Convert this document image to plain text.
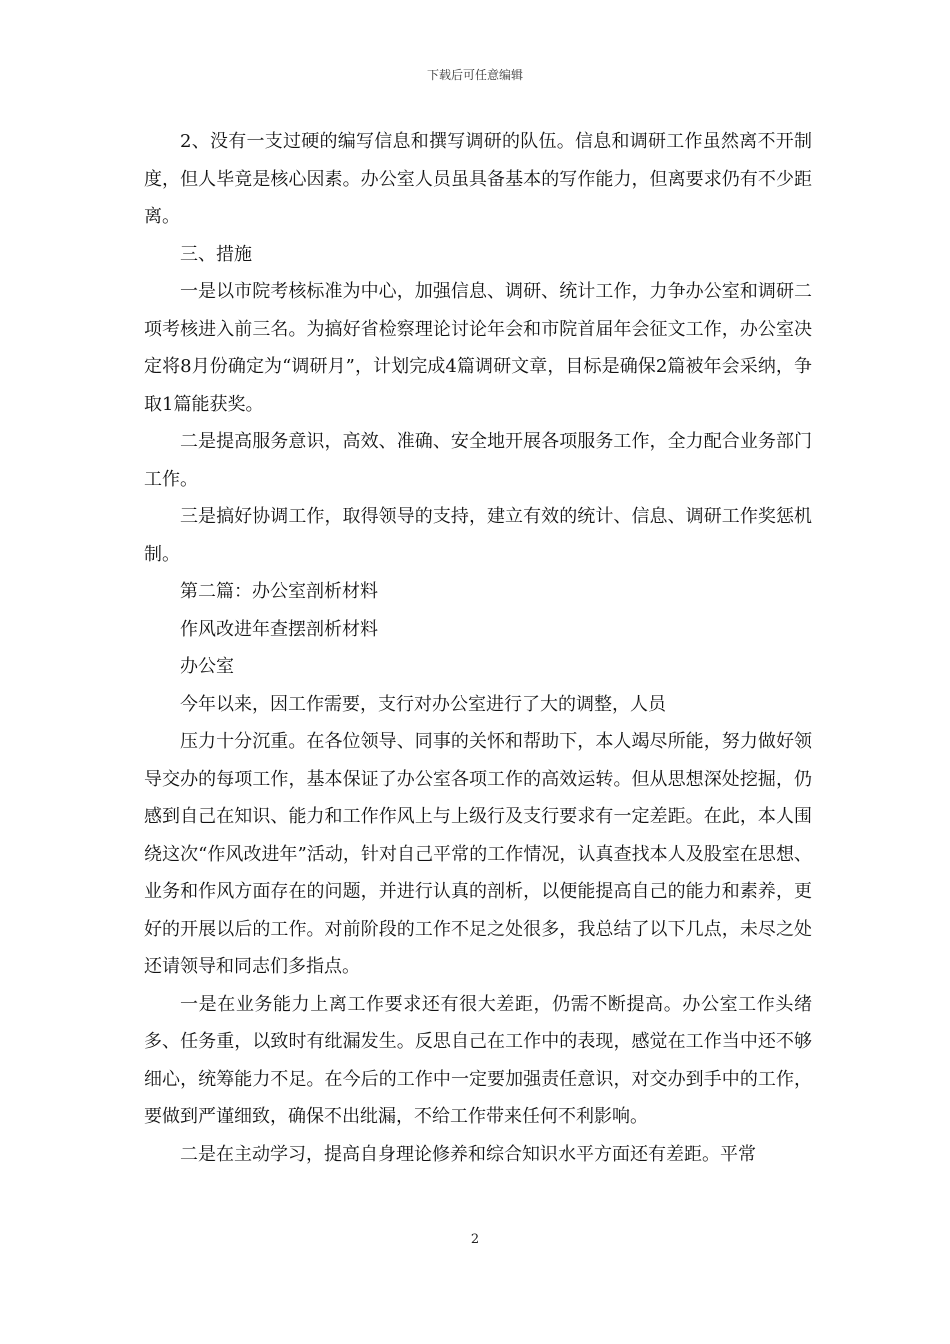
下载后可任意编辑

2、没有一支过硬的编写信息和撰写调研的队伍。信息和调研工作虽然离不开制度，但人毕竟是核心因素。办公室人员虽具备基本的写作能力，但离要求仍有不少距离。

三、措施

一是以市院考核标准为中心，加强信息、调研、统计工作，力争办公室和调研二项考核进入前三名。为搞好省检察理论讨论年会和市院首届年会征文工作，办公室决定将8月份确定为“调研月”，计划完成4篇调研文章，目标是确保2篇被年会采纳，争取1篇能获奖。

二是提高服务意识，高效、准确、安全地开展各项服务工作，全力配合业务部门工作。

三是搞好协调工作，取得领导的支持，建立有效的统计、信息、调研工作奖惩机制。

第二篇：办公室剖析材料

作风改进年查摆剖析材料

办公室

今年以来，因工作需要，支行对办公室进行了大的调整，人员

压力十分沉重。在各位领导、同事的关怀和帮助下，本人竭尽所能，努力做好领导交办的每项工作，基本保证了办公室各项工作的高效运转。但从思想深处挖掘，仍感到自己在知识、能力和工作作风上与上级行及支行要求有一定差距。在此，本人围绕这次“作风改进年”活动，针对自己平常的工作情况，认真查找本人及股室在思想、业务和作风方面存在的问题，并进行认真的剖析，以便能提高自己的能力和素养，更好的开展以后的工作。对前阶段的工作不足之处很多，我总结了以下几点，未尽之处还请领导和同志们多指点。

一是在业务能力上离工作要求还有很大差距，仍需不断提高。办公室工作头绪多、任务重，以致时有纰漏发生。反思自己在工作中的表现，感觉在工作当中还不够细心，统筹能力不足。在今后的工作中一定要加强责任意识，对交办到手中的工作，要做到严谨细致，确保不出纰漏，不给工作带来任何不利影响。

二是在主动学习，提高自身理论修养和综合知识水平方面还有差距。平常

2
